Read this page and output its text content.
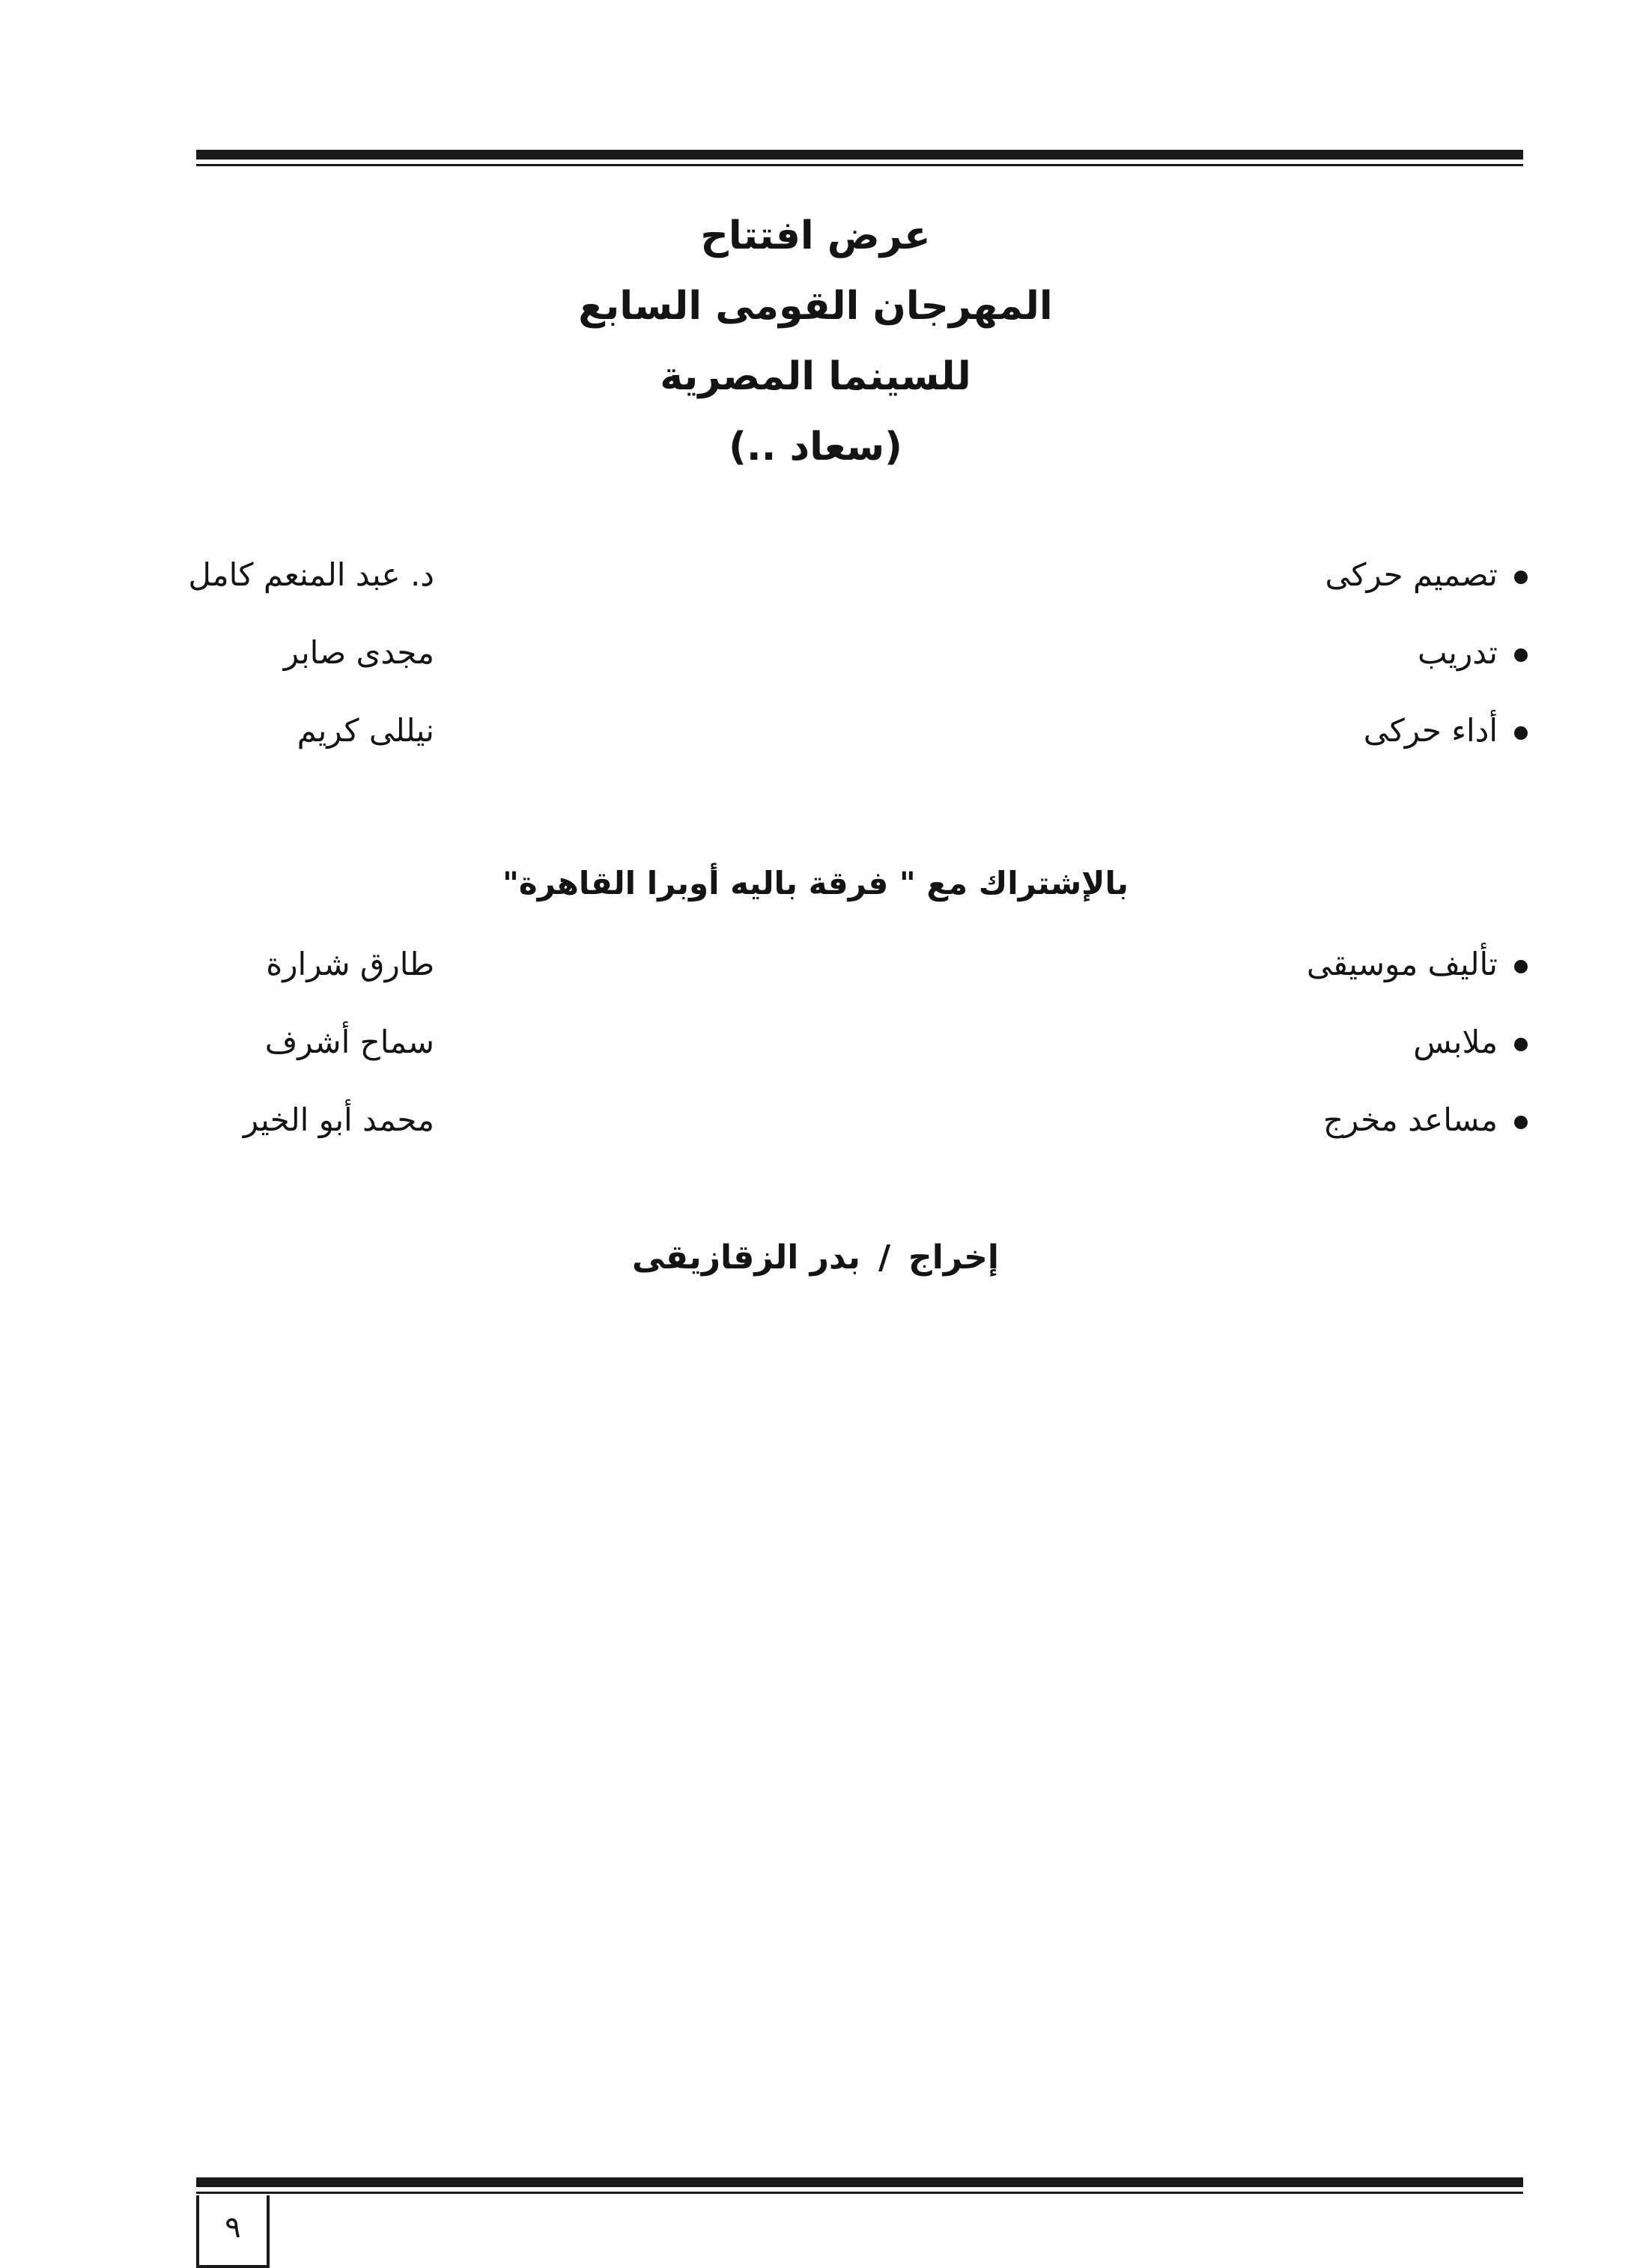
عرض افتتاح
المهرجان القومى السابع
للسينما المصرية
(سعاد ..)
تصميم حركى
د. عبد المنعم كامل
تدريب
مجدى صابر
أداء حركى
نيللى كريم
بالإشتراك مع " فرقة باليه أوبرا القاهرة"
تأليف موسيقى
طارق شرارة
ملابس
سماح أشرف
مساعد مخرج
محمد أبو الخير
إخراج/بدر الزقازيقى
٩
